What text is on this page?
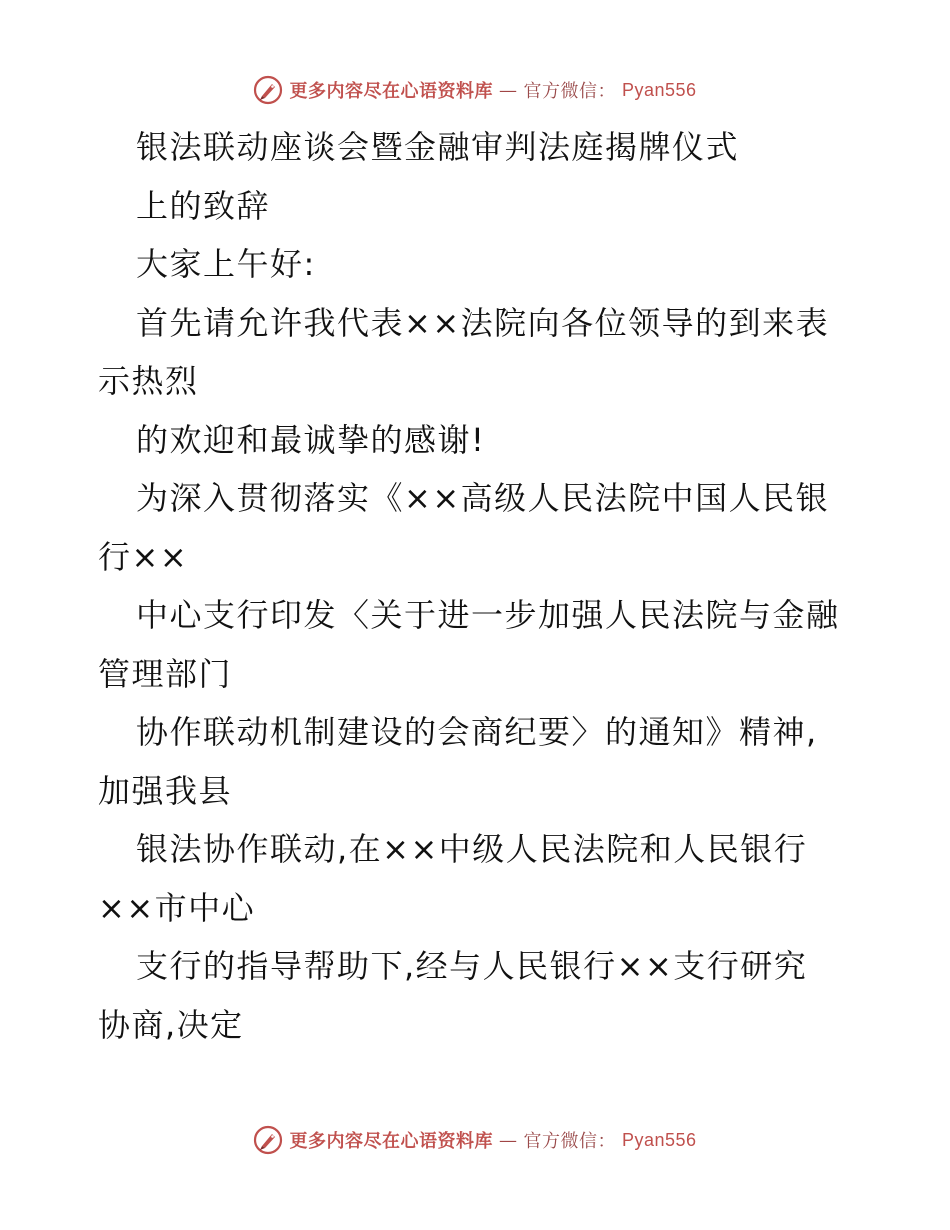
更多内容尽在心语资料库 — 官方微信： Pyan556
银法联动座谈会暨金融审判法庭揭牌仪式
上的致辞
大家上午好:
首先请允许我代表××法院向各位领导的到来表
示热烈
的欢迎和最诚挚的感谢!
为深入贯彻落实《××高级人民法院中国人民银
行××
中心支行印发〈关于进一步加强人民法院与金融
管理部门
协作联动机制建设的会商纪要〉的通知》精神,
加强我县
银法协作联动,在××中级人民法院和人民银行
××市中心
支行的指导帮助下,经与人民银行××支行研究
协商,决定
更多内容尽在心语资料库 — 官方微信： Pyan556
